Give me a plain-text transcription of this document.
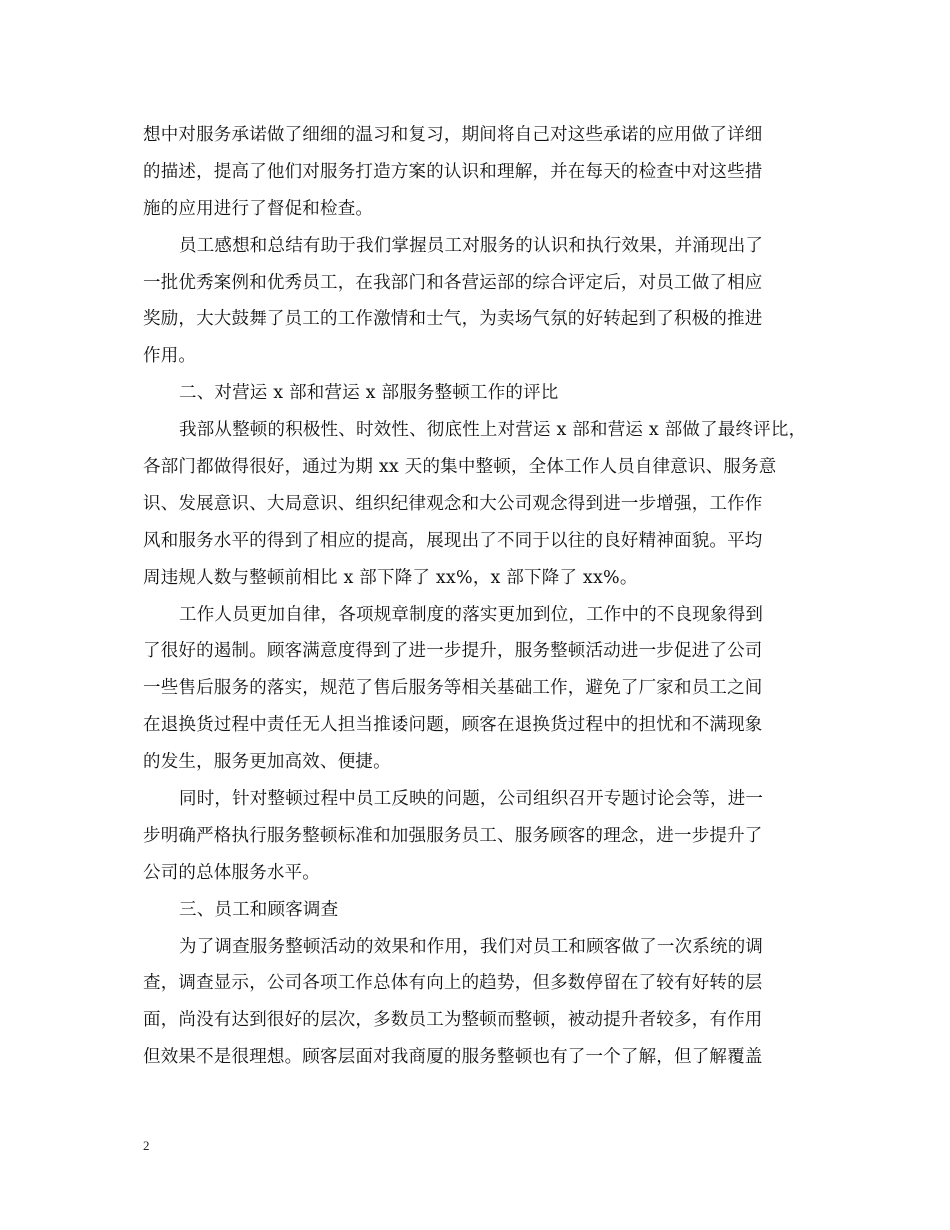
想中对服务承诺做了细细的温习和复习，期间将自己对这些承诺的应用做了详细
的描述，提高了他们对服务打造方案的认识和理解，并在每天的检查中对这些措
施的应用进行了督促和检查。
员工感想和总结有助于我们掌握员工对服务的认识和执行效果，并涌现出了
一批优秀案例和优秀员工，在我部门和各营运部的综合评定后，对员工做了相应
奖励，大大鼓舞了员工的工作激情和士气，为卖场气氛的好转起到了积极的推进
作用。
二、对营运 x 部和营运 x 部服务整顿工作的评比
我部从整顿的积极性、时效性、彻底性上对营运 x 部和营运 x 部做了最终评比，
各部门都做得很好，通过为期 xx 天的集中整顿，全体工作人员自律意识、服务意
识、发展意识、大局意识、组织纪律观念和大公司观念得到进一步增强，工作作
风和服务水平的得到了相应的提高，展现出了不同于以往的良好精神面貌。平均
周违规人数与整顿前相比 x 部下降了 xx%，x 部下降了 xx%。
工作人员更加自律，各项规章制度的落实更加到位，工作中的不良现象得到
了很好的遏制。顾客满意度得到了进一步提升，服务整顿活动进一步促进了公司
一些售后服务的落实，规范了售后服务等相关基础工作，避免了厂家和员工之间
在退换货过程中责任无人担当推诿问题，顾客在退换货过程中的担忧和不满现象
的发生，服务更加高效、便捷。
同时，针对整顿过程中员工反映的问题，公司组织召开专题讨论会等，进一
步明确严格执行服务整顿标准和加强服务员工、服务顾客的理念，进一步提升了
公司的总体服务水平。
三、员工和顾客调查
为了调查服务整顿活动的效果和作用，我们对员工和顾客做了一次系统的调
查，调查显示，公司各项工作总体有向上的趋势，但多数停留在了较有好转的层
面，尚没有达到很好的层次，多数员工为整顿而整顿，被动提升者较多，有作用
但效果不是很理想。顾客层面对我商厦的服务整顿也有了一个了解，但了解覆盖
2
